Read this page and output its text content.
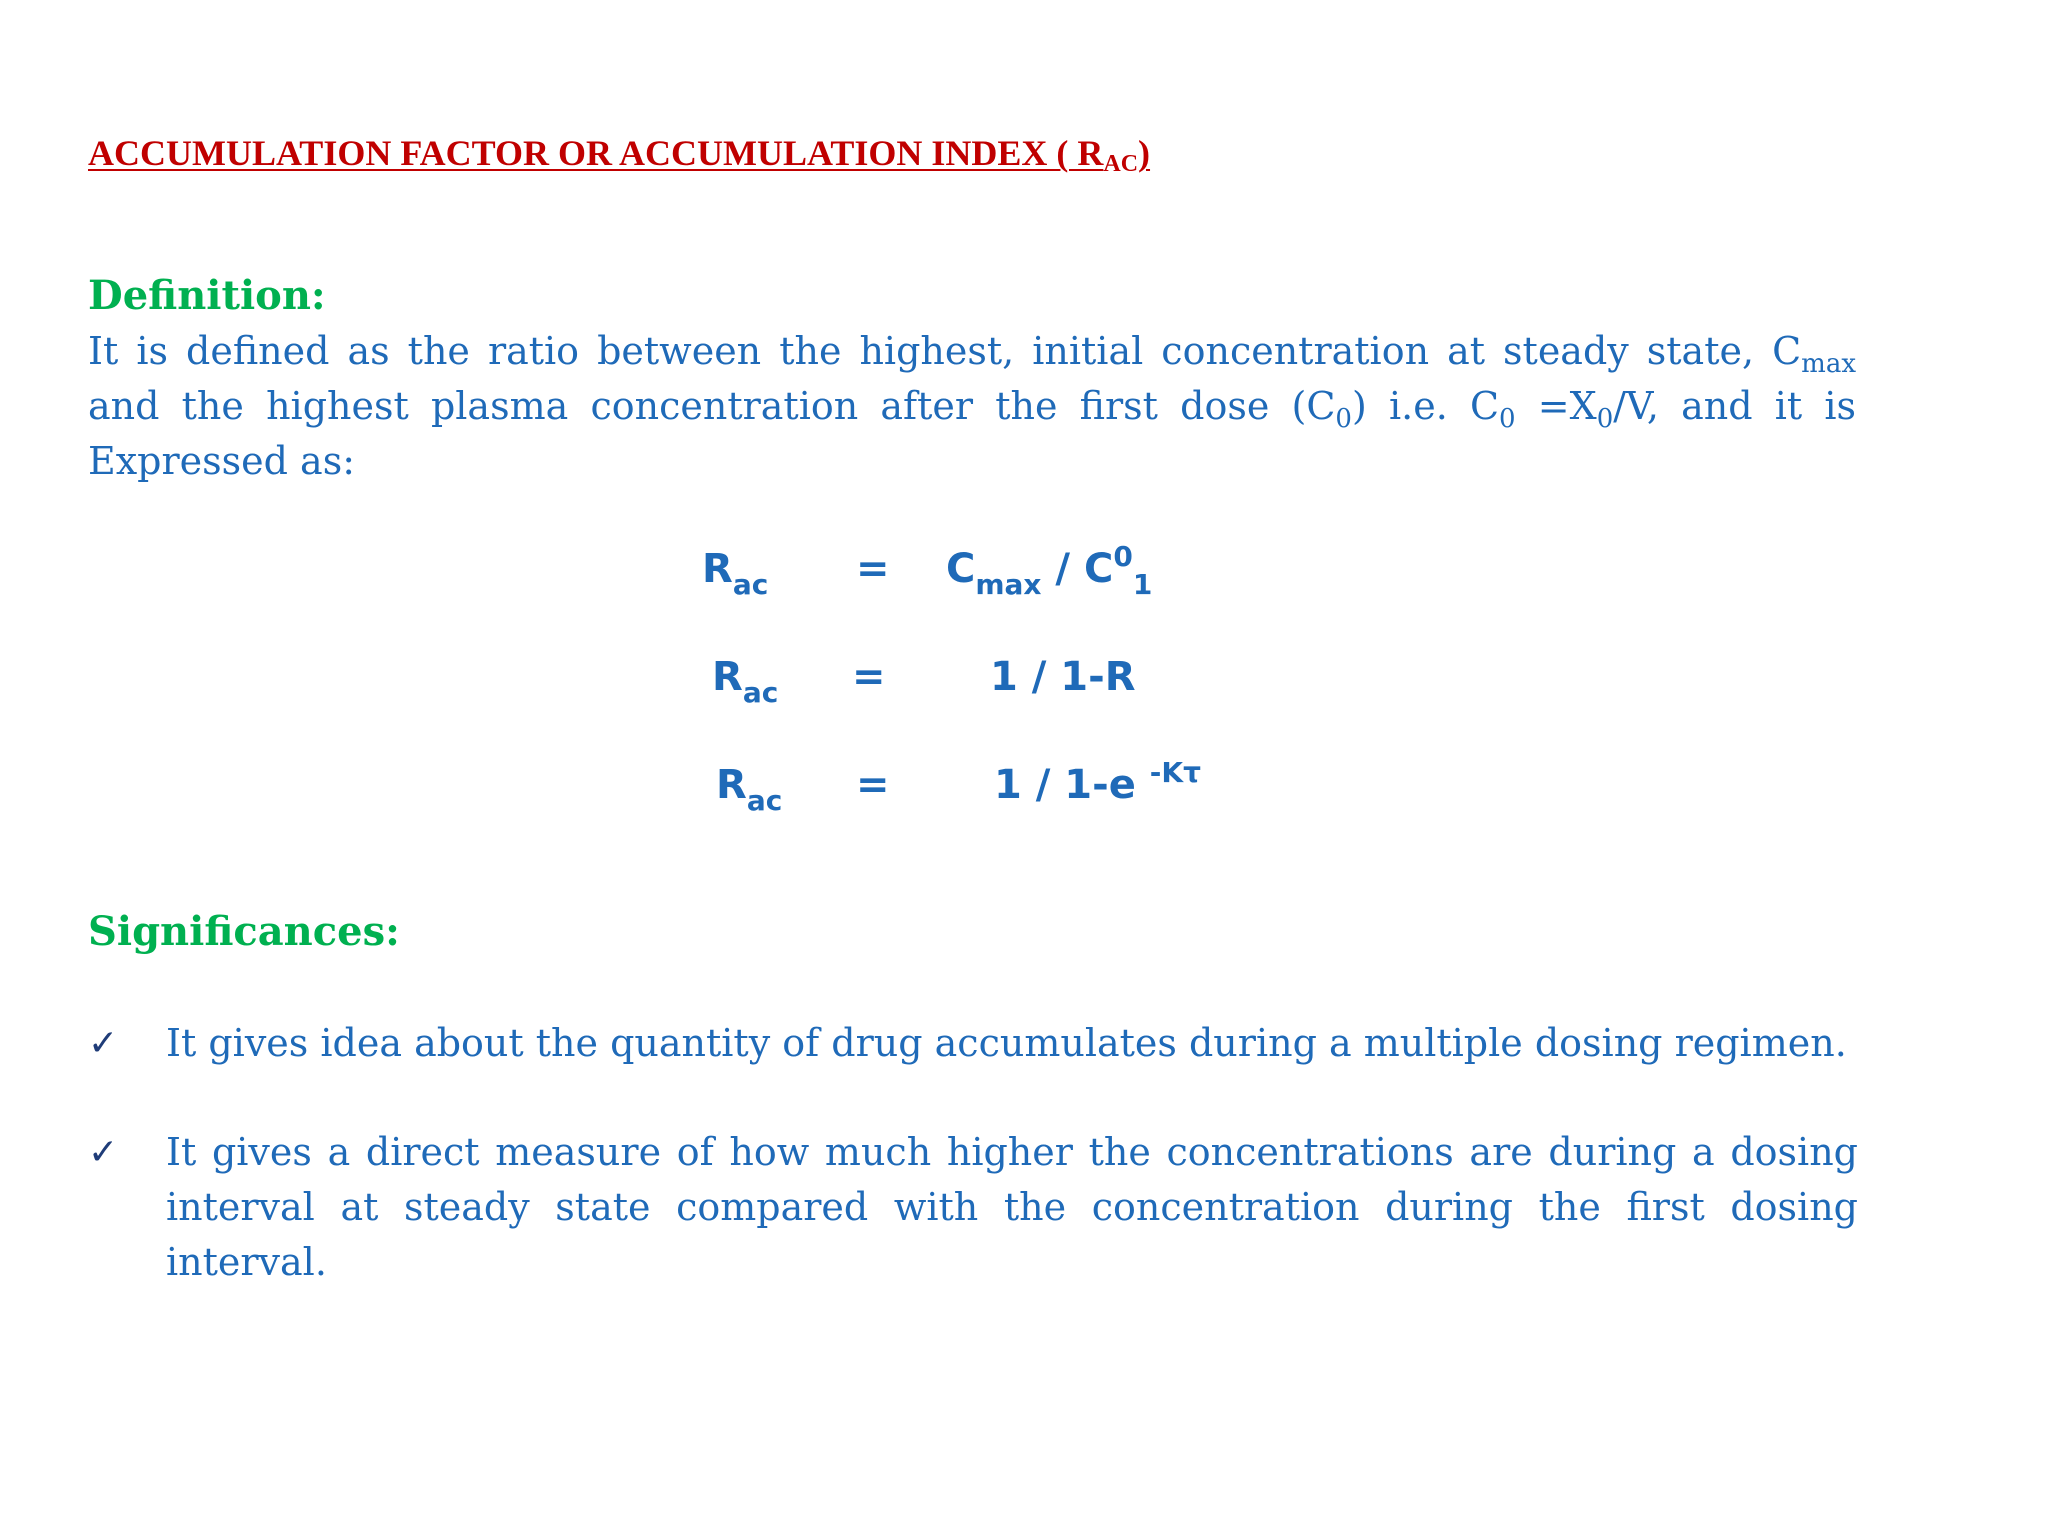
ACCUMULATION FACTOR OR ACCUMULATION INDEX ( $R_{AC}$)
Definition:

It is defined as the ratio between the highest, initial concentration at steady state, $C_{max}$ and the highest plasma concentration after the first dose $(C_0)$ i.e. $C_0 =X_0/V$, and it is Expressed as:

$R_{ac} = C_{max} / C^0_1$
$R_{ac}$ =	1 / 1-R
$R_{ac}$ =	1 / 1-e $^{-K\tau}$
Significances:
✓ It gives idea about the quantity of drug accumulates during a multiple dosing regimen.

✓ It gives a direct measure of how much higher the concentrations are during a dosing interval at steady state compared with the concentration during the first dosing interval.
